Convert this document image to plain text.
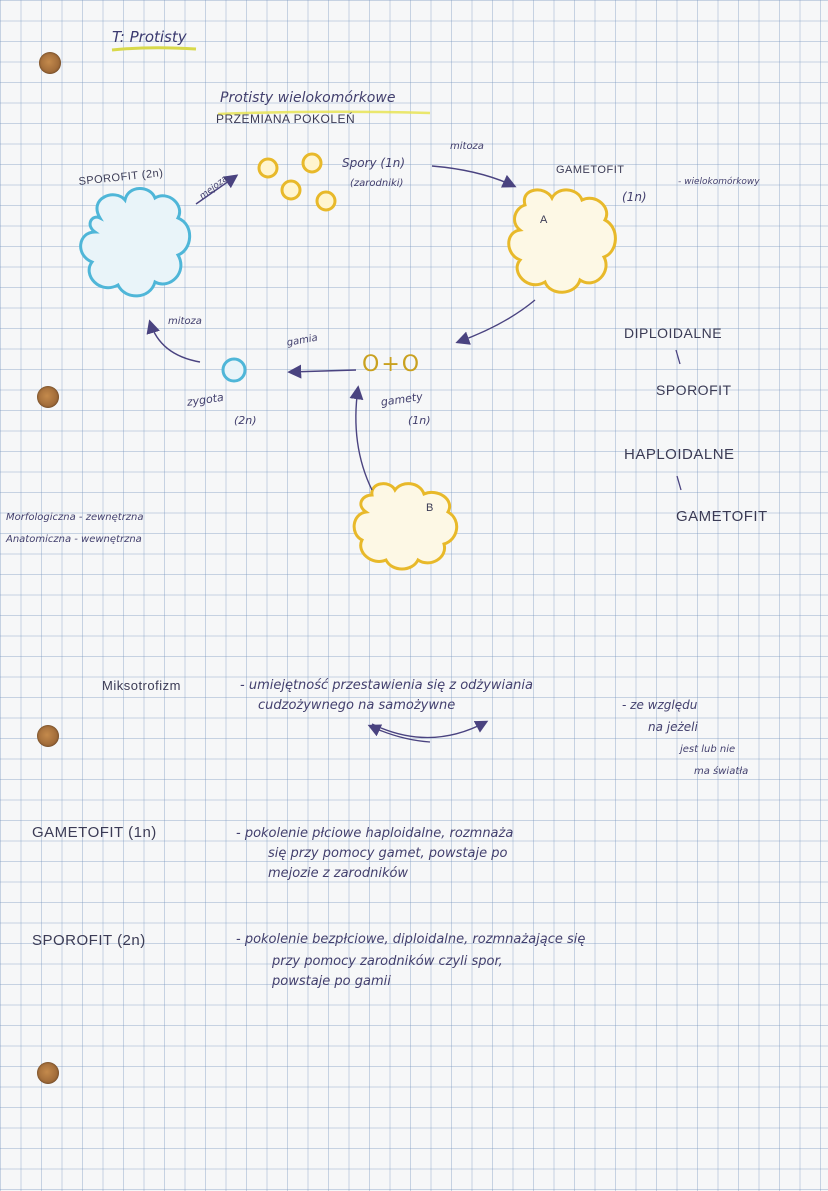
T: Protisty
Protisty wielokomórkowe
PRZEMIANA POKOLEŃ
SPOROFIT (2n)	mejoza
Spory (1n)
(zarodniki)
mitoza
GAMETOFIT
(1n)
- wielokomórkowy
A
B
mitoza
gamia
O+O
zygota
(2n)
gamety
(1n)
DIPLOIDALNE
SPOROFIT
HAPLOIDALNE
GAMETOFIT
Morfologiczna - zewnętrzna
Anatomiczna - wewnętrzna
Miksotrofizm	- umiejętność przestawienia się z odżywiania
cudzożywnego na samożywne	- ze względu
na jeżeli
jest lub nie
ma światła
GAMETOFIT (1n)	- pokolenie płciowe haploidalne, rozmnaża
się przy pomocy gamet, powstaje po
mejozie z zarodników
SPOROFIT (2n)	- pokolenie bezpłciowe, diploidalne, rozmnażające się
przy pomocy zarodników czyli spor,
powstaje po gamii
